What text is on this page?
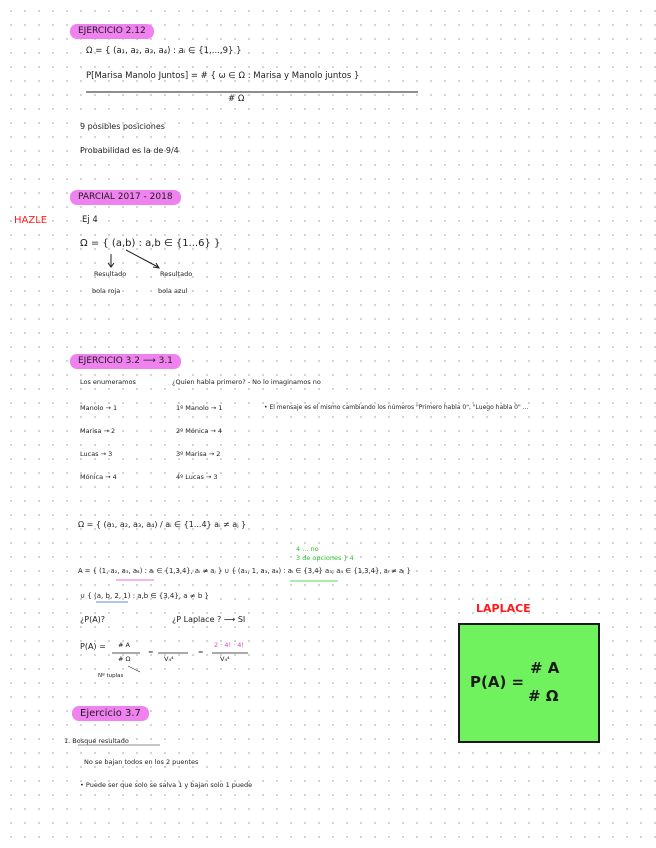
EJERCICIO 2.12
Ω = { (a₁, a₂, a₃, a₄) : aᵢ ∈ {1,...,9} }
P[Marisa Manolo Juntos] = # { ω ∈ Ω : Marisa y Manolo juntos }
# Ω
9 posibles posiciones
Probabilidad es la de 9/4
PARCIAL 2017 - 2018
HAZLE	Ej 4
Ω = { (a,b) : a,b ∈ {1...6} }
Resultado
bola roja
Resultado
bola azul
EJERCICIO 3.2 ⟶ 3.1
Los enumeramos	¿Quien habla primero? - No lo imaginamos no
Manolo → 1
Marisa → 2
Lucas → 3
Mónica → 4
1º Manolo → 1
2º Mónica → 4
3º Marisa → 2
4º Lucas → 3
• El mensaje es el mismo cambiando los números "Primero habla 0", "Luego habla 0" ...
Ω = { (a₁, a₂, a₃, a₄) / aᵢ ∈ {1...4} aᵢ ≠ aⱼ }
4 ... no
3 de opciones } 4
A = { (1, a₂, a₃, a₄) : aᵢ ∈ {1,3,4}, aᵢ ≠ aⱼ } ∪ { (a₁, 1, a₃, a₄) : aᵢ ∈ {3,4} a₃, a₄ ∈ {1,3,4}, aᵢ ≠ aⱼ }
∪ { (a, b, 2, 1) : a,b ∈ {3,4}, a ≠ b }
¿P(A)?	¿P Laplace ? ⟶ SI
P(A) = # A
# Ω
=
V₄⁴
=
2 · 4! · 4!
V₄⁴
Nº tuplas
LAPLACE
P(A) =
# A
# Ω
Ejercicio 3.7
1. Bosque resultado
No se bajan todos en los 2 puentes
• Puede ser que solo se salva 1 y bajan solo 1 puede
